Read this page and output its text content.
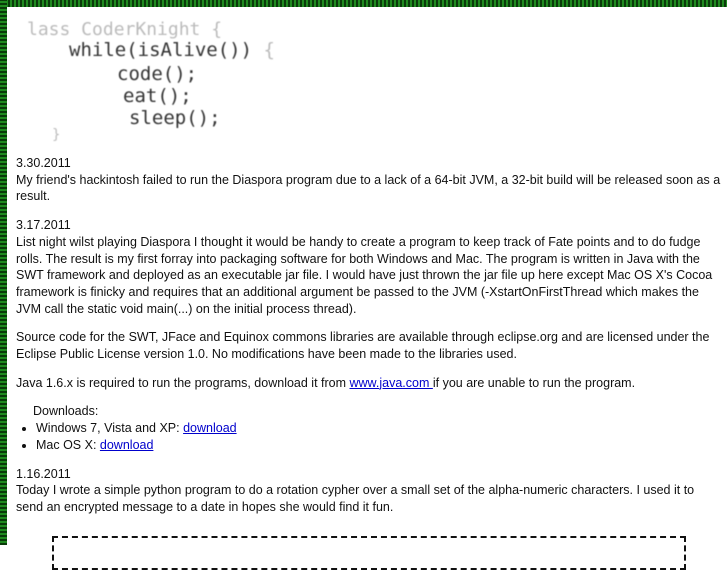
lass CoderKnight {
while(isAlive()) {
code();
eat();
sleep();
}
3.30.2011

My friend's hackintosh failed to run the Diaspora program due to a lack of a 64-bit JVM, a 32-bit build will be released soon as a result.

3.17.2011

List night wilst playing Diaspora I thought it would be handy to create a program to keep track of Fate points and to do fudge rolls. The result is my first forray into packaging software for both Windows and Mac. The program is written in Java with the SWT framework and deployed as an executable jar file. I would have just thrown the jar file up here except Mac OS X's Cocoa framework is finicky and requires that an additional argument be passed to the JVM (-XstartOnFirstThread which makes the JVM call the static void main(...) on the initial process thread).

Source code for the SWT, JFace and Equinox commons libraries are available through eclipse.org and are licensed under the Eclipse Public License version 1.0. No modifications have been made to the libraries used.

Java 1.6.x is required to run the programs, download it from www.java.com if you are unable to run the program.

Downloads:
• Windows 7, Vista and XP: download
• Mac OS X: download
1.16.2011

Today I wrote a simple python program to do a rotation cypher over a small set of the alpha-numeric characters. I used it to send an encrypted message to a date in hopes she would find it fun.
